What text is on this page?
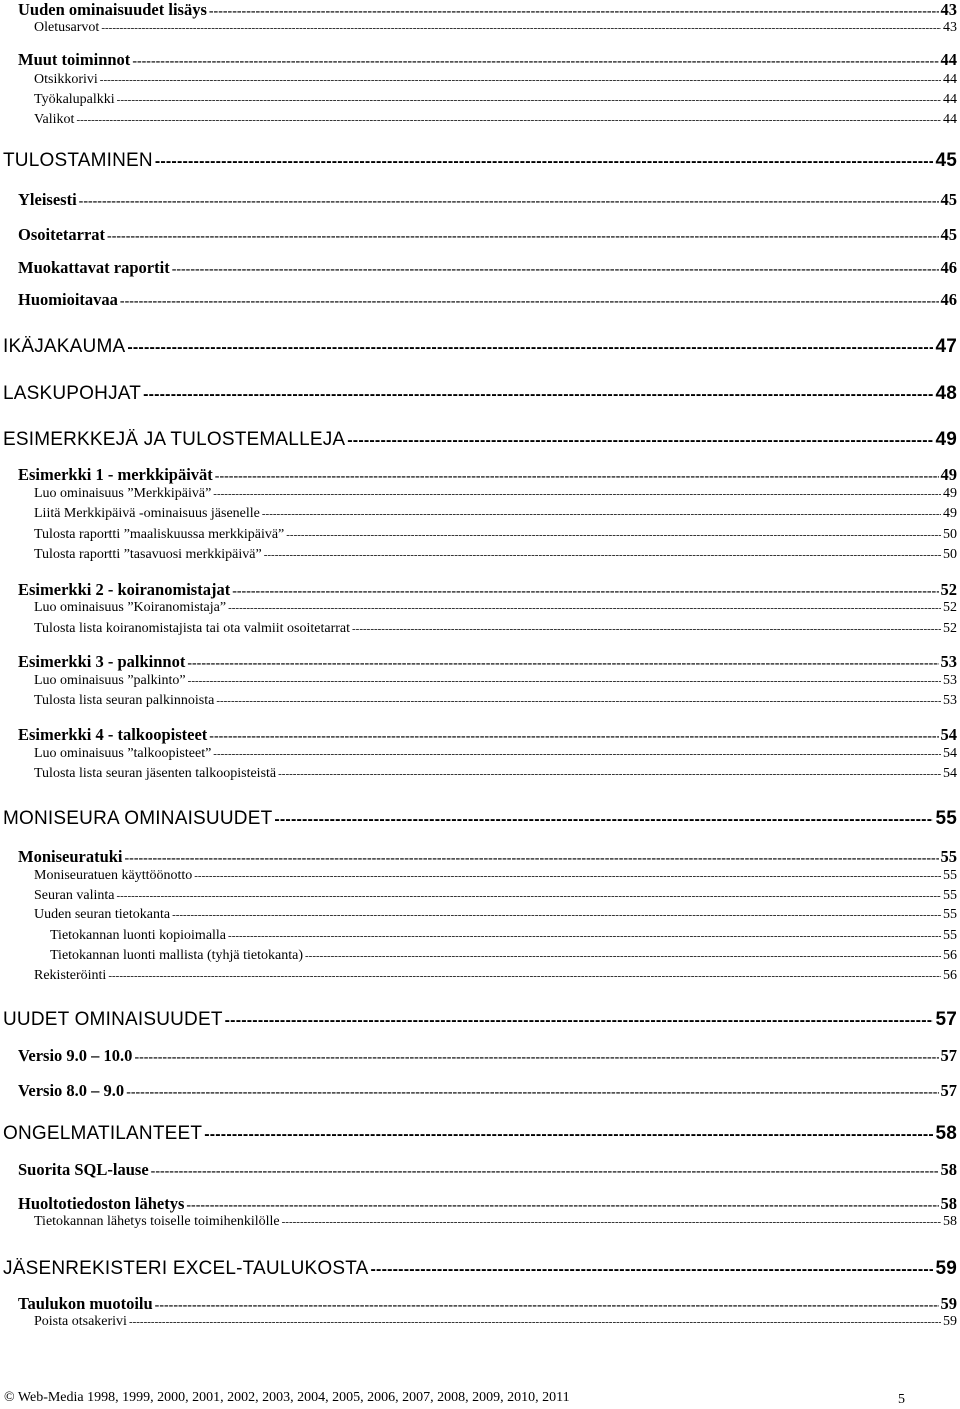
Uuden ominaisuudet lisäys -----	43
Oletusarvot -----	43
Muut toiminnot -----	44
Otsikkorivi -----	44
Työkalupalkki -----	44
Valikot -----	44
TULOSTAMINEN -----	45
Yleisesti -----	45
Osoitetarrat -----	45
Muokattavat raportit -----	46
Huomioitavaa -----	46
IKÄJAKAUMA -----	47
LASKUPOHJAT -----	48
ESIMERKKEJÄ JA TULOSTEMALLEJA -----	49
Esimerkki 1 - merkkipäivät -----	49
Luo ominaisuus ”Merkkipäivä” -----	49
Liitä Merkkipäivä -ominaisuus jäsenelle -----	49
Tulosta raportti ”maaliskuussa merkkipäivä” -----	50
Tulosta raportti ”tasavuosi merkkipäivä” -----	50
Esimerkki 2 - koiranomistajat -----	52
Luo ominaisuus ”Koiranomistaja” -----	52
Tulosta lista koiranomistajista tai ota valmiit osoitetarrat -----	52
Esimerkki 3 - palkinnot -----	53
Luo ominaisuus ”palkinto” -----	53
Tulosta lista seuran palkinnoista -----	53
Esimerkki 4 - talkoopisteet -----	54
Luo ominaisuus ”talkoopisteet” -----	54
Tulosta lista seuran jäsenten talkoopisteistä -----	54
MONISEURA OMINAISUUDET -----	55
Moniseuratuki -----	55
Moniseuratuen käyttöönotto -----	55
Seuran valinta -----	55
Uuden seuran tietokanta -----	55
Tietokannan luonti kopioimalla -----	55
Tietokannan luonti mallista (tyhjä tietokanta) -----	56
Rekisteröinti -----	56
UUDET OMINAISUUDET -----	57
Versio 9.0 – 10.0 -----	57
Versio 8.0 – 9.0 -----	57
ONGELMATILANTEET -----	58
Suorita SQL-lause -----	58
Huoltotiedoston lähetys -----	58
Tietokannan lähetys toiselle toimihenkilölle -----	58
JÄSENREKISTERI EXCEL-TAULUKOSTA -----	59
Taulukon muotoilu -----	59
Poista otsakerivi -----	59
© Web-Media 1998, 1999, 2000, 2001, 2002, 2003, 2004, 2005, 2006, 2007, 2008, 2009, 2010, 2011	5
